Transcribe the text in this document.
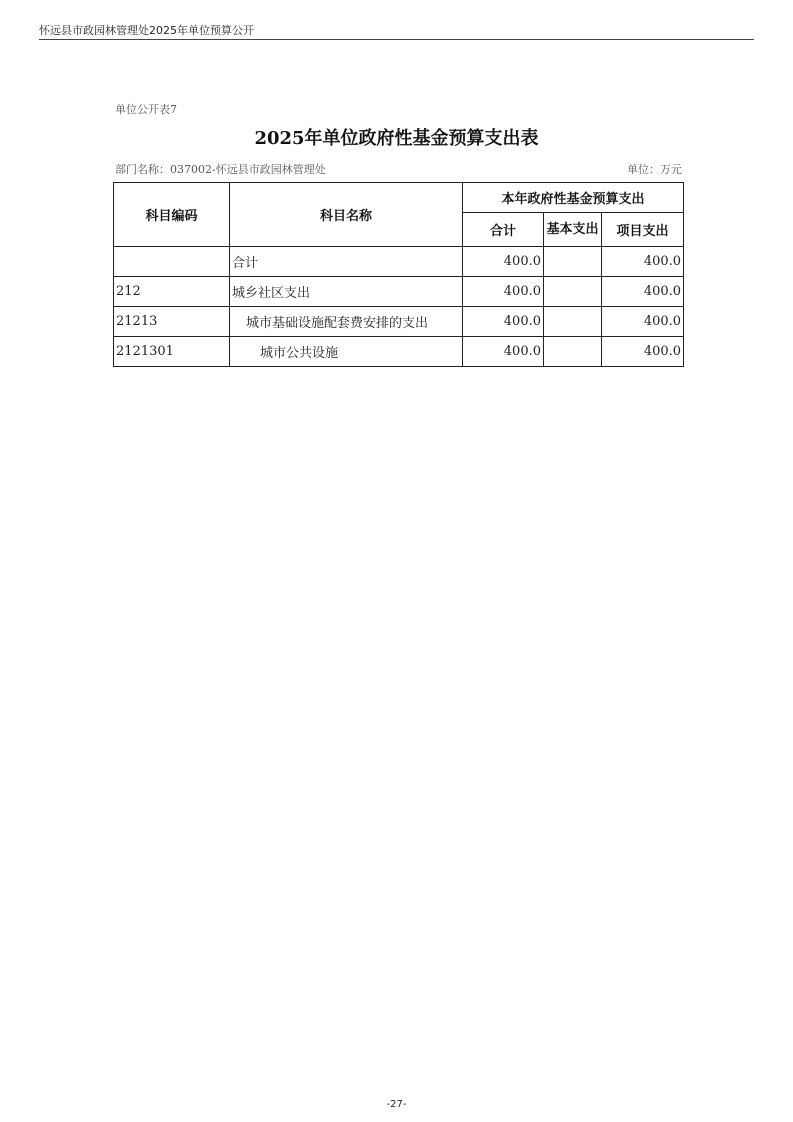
怀远县市政园林管理处2025年单位预算公开
单位公开表7
2025年单位政府性基金预算支出表
部门名称：037002-怀远县市政园林管理处	单位：万元
科目编码	科目名称	本年政府性基金预算支出		
		合计	基本支出	项目支出
	合计	400.0		400.0
212	城乡社区支出	400.0		400.0
21213	城市基础设施配套费安排的支出	400.0		400.0
2121301	城市公共设施	400.0		400.0
-27-
